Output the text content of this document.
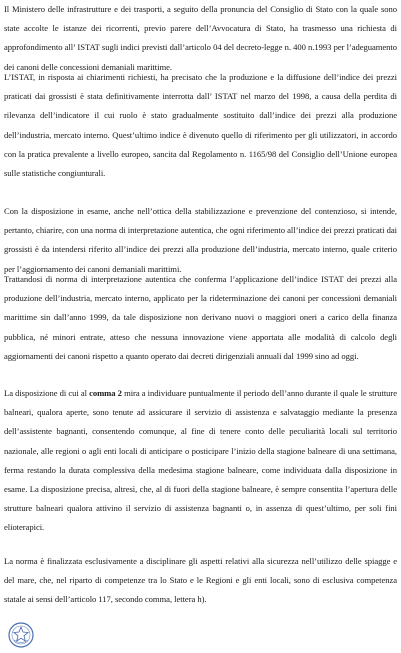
Il Ministero delle infrastrutture e dei trasporti, a seguito della pronuncia del Consiglio di Stato con la quale sono state accolte le istanze dei ricorrenti, previo parere dell’Avvocatura di Stato, ha trasmesso una richiesta di approfondimento all’ ISTAT sugli indici previsti dall’articolo 04 del decreto-legge n. 400 n.1993 per l’adeguamento dei canoni delle concessioni demaniali marittime.

L’ISTAT, in risposta ai chiarimenti richiesti, ha precisato che la produzione e la diffusione dell’indice dei prezzi praticati dai grossisti è stata definitivamente interrotta dall’ ISTAT nel marzo del 1998, a causa della perdita di rilevanza dell’indicatore il cui ruolo è stato gradualmente sostituito dall’indice dei prezzi alla produzione dell’industria, mercato interno. Quest’ultimo indice è divenuto quello di riferimento per gli utilizzatori, in accordo con la pratica prevalente a livello europeo, sancita dal Regolamento n. 1165/98 del Consiglio dell’Unione europea sulle statistiche congiunturali.

Con la disposizione in esame, anche nell’ottica della stabilizzazione e prevenzione del contenzioso, si intende, pertanto, chiarire, con una norma di interpretazione autentica, che ogni riferimento all’indice dei prezzi praticati dai grossisti è da intendersi riferito all’indice dei prezzi alla produzione dell’industria, mercato interno, quale criterio per l’aggiornamento dei canoni demaniali marittimi.

Trattandosi di norma di interpretazione autentica che conferma l’applicazione dell’indice ISTAT dei prezzi alla produzione dell’industria, mercato interno, applicato per la rideterminazione dei canoni per concessioni demaniali marittime sin dall’anno 1999, da tale disposizione non derivano nuovi o maggiori oneri a carico della finanza pubblica, né minori entrate, atteso che nessuna innovazione viene apportata alle modalità di calcolo degli aggiornamenti dei canoni rispetto a quanto operato dai decreti dirigenziali annuali dal 1999 sino ad oggi.

La disposizione di cui al comma 2 mira a individuare puntualmente il periodo dell’anno durante il quale le strutture balneari, qualora aperte, sono tenute ad assicurare il servizio di assistenza e salvataggio mediante la presenza dell’assistente bagnanti, consentendo comunque, al fine di tenere conto delle peculiarità locali sul territorio nazionale, alle regioni o agli enti locali di anticipare o posticipare l’inizio della stagione balneare di una settimana, ferma restando la durata complessiva della medesima stagione balneare, come individuata dalla disposizione in esame. La disposizione precisa, altresì, che, al di fuori della stagione balneare, è sempre consentita l’apertura delle strutture balneari qualora attivino il servizio di assistenza bagnanti o, in assenza di quest’ultimo, per soli fini elioterapici.

La norma è finalizzata esclusivamente a disciplinare gli aspetti relativi alla sicurezza nell’utilizzo delle spiagge e del mare, che, nel riparto di competenze tra lo Stato e le Regioni e gli enti locali, sono di esclusiva competenza statale ai sensi dell’articolo 117, secondo comma, lettera h).
